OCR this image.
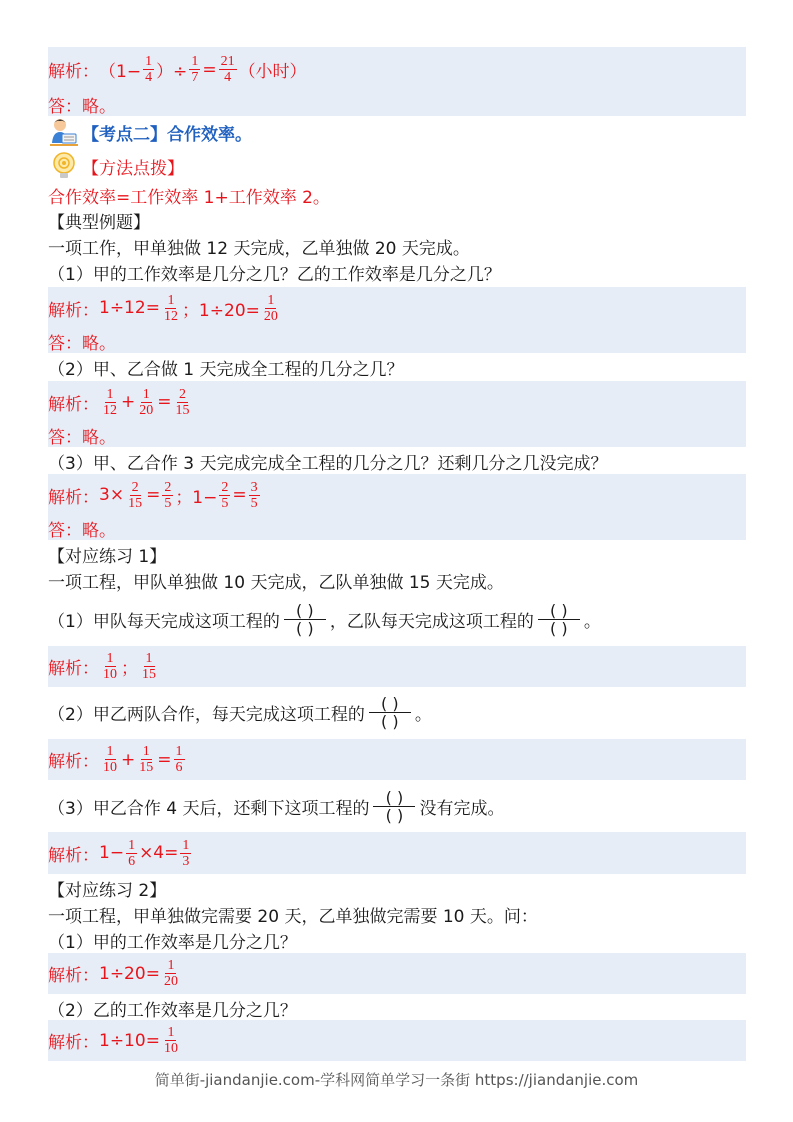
解析： （$1- \frac{1}{4}$ ）÷ $\frac{1}{7} = \frac{21}{4}$ （小时）
答：略。
【考点二】合作效率。
【方法点拨】
合作效率=工作效率 1+工作效率 2。
【典型例题】
一项工作，甲单独做 12 天完成，乙单独做 20 天完成。
（1）甲的工作效率是几分之几？乙的工作效率是几分之几？
解析： $1\div 12= \frac{1}{12}$ ；$1\div 20= \frac{1}{20}$
答：略。
（2）甲、乙合做 1 天完成全工程的几分之几？
解析： $\frac{1}{12} + \frac{1}{20} = \frac{2}{15}$
答：略。
（3）甲、乙合作 3 天完成完成全工程的几分之几？还剩几分之几没完成？
解析： $3\times \frac{2}{15} = \frac{2}{5}$ ；$1- \frac{2}{5} = \frac{3}{5}$
答：略。
【对应练习 1】
一项工程，甲队单独做 10 天完成，乙队单独做 15 天完成。
（1）甲队每天完成这项工程的
( )
( ) ，乙队每天完成这项工程的
( )
( ) 。
解析： $\frac{1}{10}$ ； $\frac{1}{15}$
（2）甲乙两队合作，每天完成这项工程的
( )
( ) 。
解析： $\frac{1}{10} + \frac{1}{15} = \frac{1}{6}$
（3）甲乙合作 4 天后，还剩下这项工程的
( )
( ) 没有完成。
解析： $1- \frac{1}{6} \times 4= \frac{1}{3}$
【对应练习 2】
一项工程，甲单独做完需要 20 天，乙单独做完需要 10 天。问：
（1）甲的工作效率是几分之几？
解析： $1\div 20= \frac{1}{20}$
（2）乙的工作效率是几分之几？
解析： $1\div 10= \frac{1}{10}$
简单街-jiandanjie.com-学科网简单学习一条街 https://jiandanjie.com
